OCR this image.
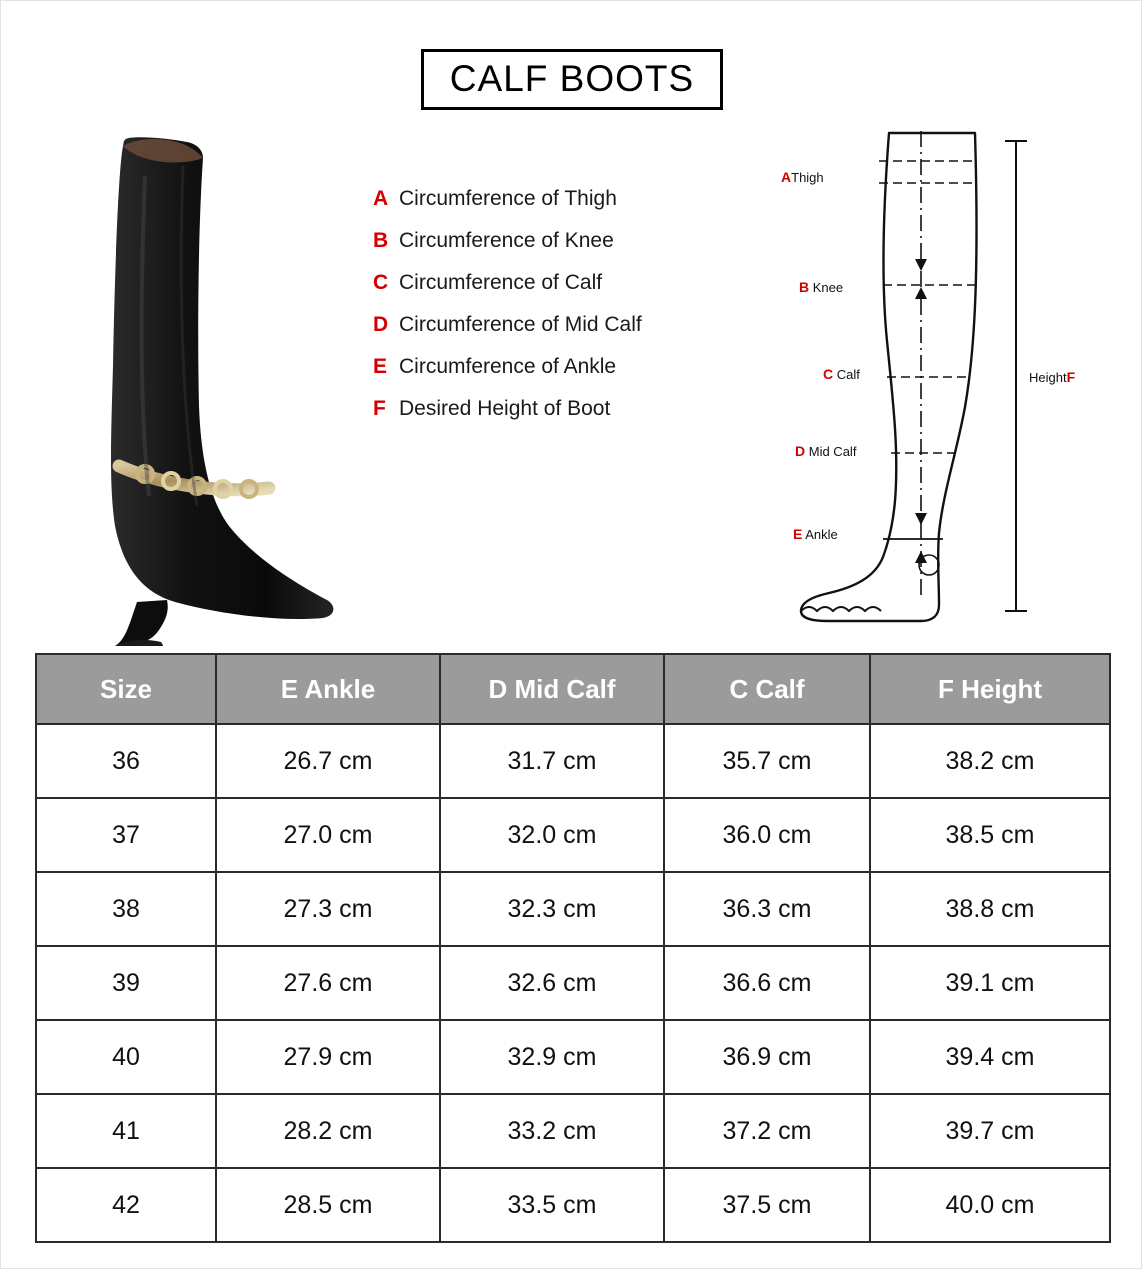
CALF BOOTS
A Circumference of Thigh
B Circumference of Knee
C Circumference of Calf
D Circumference of Mid Calf
E Circumference of Ankle
F Desired Height of Boot
AThigh
B Knee
C Calf
D Mid Calf
E Ankle
HeightF
Size	E Ankle	D Mid Calf	C Calf	F Height
36	26.7 cm	31.7 cm	35.7 cm	38.2 cm
37	27.0 cm	32.0 cm	36.0 cm	38.5 cm
38	27.3 cm	32.3 cm	36.3 cm	38.8 cm
39	27.6 cm	32.6 cm	36.6 cm	39.1 cm
40	27.9 cm	32.9 cm	36.9 cm	39.4 cm
41	28.2 cm	33.2 cm	37.2 cm	39.7 cm
42	28.5 cm	33.5 cm	37.5 cm	40.0 cm
